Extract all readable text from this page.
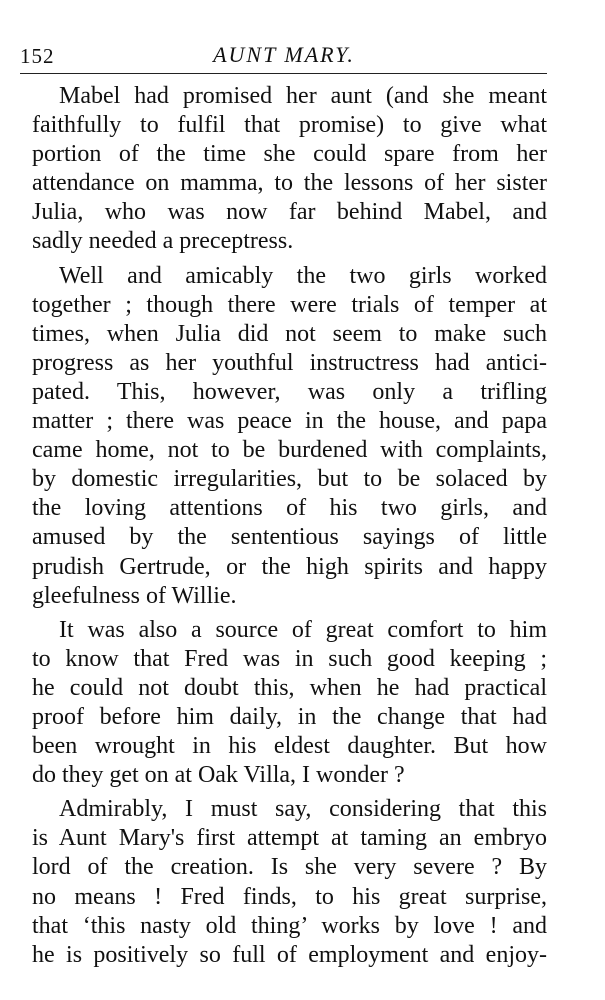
152	AUNT MARY.
Mabel had promised her aunt (and she meant
faithfully to fulfil that promise) to give what
portion of the time she could spare from her
attendance on mamma, to the lessons of her sister
Julia, who was now far behind Mabel, and
sadly needed a preceptress.
Well and amicably the two girls worked
together ; though there were trials of temper at
times, when Julia did not seem to make such
progress as her youthful instructress had antici-
pated. This, however, was only a trifling
matter ; there was peace in the house, and papa
came home, not to be burdened with complaints,
by domestic irregularities, but to be solaced by
the loving attentions of his two girls, and
amused by the sententious sayings of little
prudish Gertrude, or the high spirits and happy
gleefulness of Willie.
It was also a source of great comfort to him
to know that Fred was in such good keeping ;
he could not doubt this, when he had practical
proof before him daily, in the change that had
been wrought in his eldest daughter. But how
do they get on at Oak Villa, I wonder ?
Admirably, I must say, considering that this
is Aunt Mary's first attempt at taming an embryo
lord of the creation. Is she very severe ? By
no means ! Fred finds, to his great surprise,
that ‘this nasty old thing’ works by love ! and
he is positively so full of employment and enjoy-
